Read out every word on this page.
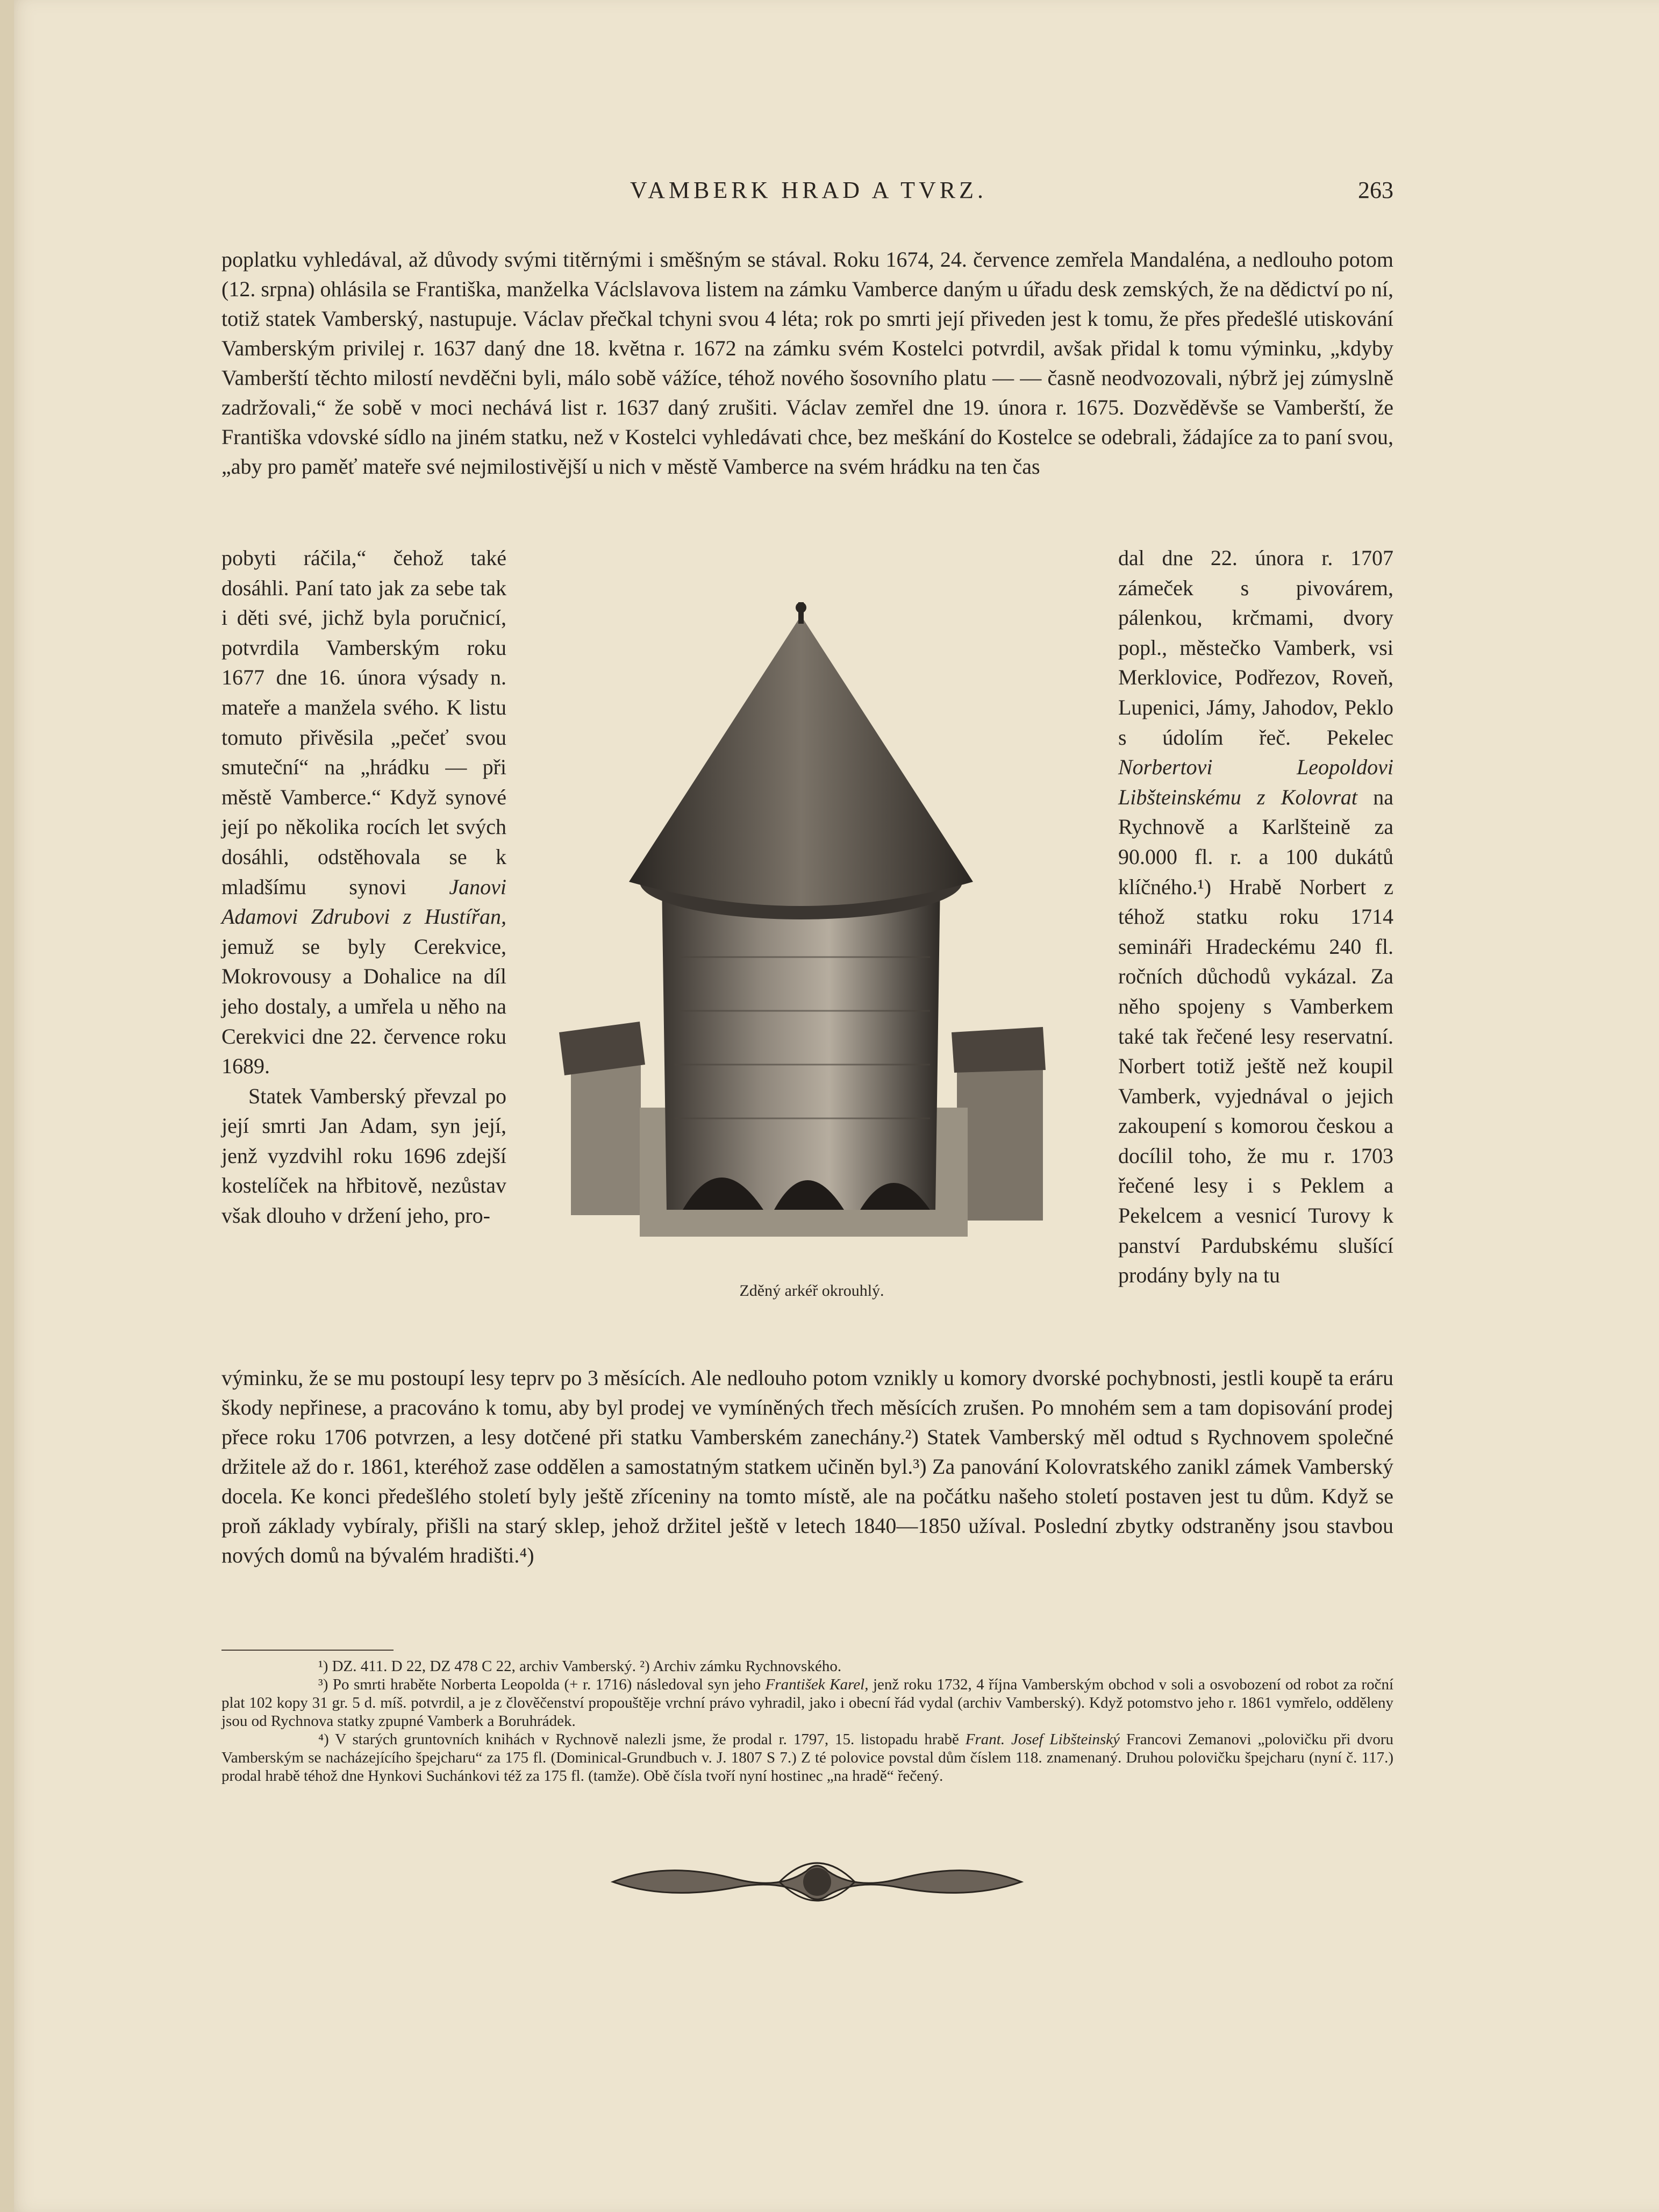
VAMBERK HRAD A TVRZ.	263
poplatku vyhledával, až důvody svými titěrnými i směšným se stával. Roku 1674, 24. července zemřela Mandaléna, a nedlouho potom (12. srpna) ohlásila se Františka, manželka Václslavova listem na zámku Vamberce daným u úřadu desk zemských, že na dědictví po ní, totiž statek Vamberský, nastupuje. Václav přečkal tchyni svou 4 léta; rok po smrti její přiveden jest k tomu, že přes předešlé utiskování Vamberským privilej r. 1637 daný dne 18. května r. 1672 na zámku svém Kostelci potvrdil, avšak přidal k tomu výminku, „kdyby Vamberští těchto milostí nevděčni byli, málo sobě vážíce, téhož nového šosovního platu — — časně neodvozovali, nýbrž jej zúmyslně zadržovali,“ že sobě v moci nechává list r. 1637 daný zrušiti. Václav zemřel dne 19. února r. 1675. Dozvěděvše se Vamberští, že Františka vdovské sídlo na jiném statku, než v Kostelci vyhledávati chce, bez meškání do Kostelce se odebrali, žádajíce za to paní svou, „aby pro paměť mateře své nejmilostivější u nich v městě Vamberce na svém hrádku na ten čas

pobyti ráčila,“ čehož také dosáhli. Paní tato jak za sebe tak i děti své, jichž byla poručnicí, potvrdila Vamberským roku 1677 dne 16. února výsady n. mateře a manžela svého. K listu tomuto přivěsila „pečeť svou smuteční“ na „hrádku — při městě Vamberce.“ Když synové její po několika rocích let svých dosáhli, odstěhovala se k mladšímu synovi Janovi Adamovi Zdrubovi z Hustířan, jemuž se byly Cerekvice, Mokrovousy a Dohalice na díl jeho dostaly, a umřela u něho na Cerekvici dne 22. července roku 1689.

Statek Vamberský převzal po její smrti Jan Adam, syn její, jenž vyzdvihl roku 1696 zdejší kostelíček na hřbitově, nezůstav však dlouho v držení jeho, pro-

Zděný arkéř okrouhlý.

dal dne 22. února r. 1707 zámeček s pivovárem, pálenkou, krčmami, dvory popl., městečko Vamberk, vsi Merklovice, Podřezov, Roveň, Lupenici, Jámy, Jahodov, Peklo s údolím řeč. Pekelec Norbertovi Leopoldovi Libšteinskému z Kolovrat na Rychnově a Karlšteině za 90.000 fl. r. a 100 dukátů klíčného.¹) Hrabě Norbert z téhož statku roku 1714 semináři Hradeckému 240 fl. ročních důchodů vykázal. Za něho spojeny s Vamberkem také tak řečené lesy reservatní. Norbert totiž ještě než koupil Vamberk, vyjednával o jejich zakoupení s komorou českou a docílil toho, že mu r. 1703 řečené lesy i s Peklem a Pekelcem a vesnicí Turovy k panství Pardubskému slušící prodány byly na tu

výminku, že se mu postoupí lesy teprv po 3 měsících. Ale nedlouho potom vznikly u komory dvorské pochybnosti, jestli koupě ta eráru škody nepřinese, a pracováno k tomu, aby byl prodej ve vymíněných třech měsících zrušen. Po mnohém sem a tam dopisování prodej přece roku 1706 potvrzen, a lesy dotčené při statku Vamberském zanechány.²) Statek Vamberský měl odtud s Rychnovem společné držitele až do r. 1861, kteréhož zase oddělen a samostatným statkem učiněn byl.³) Za panování Kolovratského zanikl zámek Vamberský docela. Ke konci předešlého století byly ještě zříceniny na tomto místě, ale na počátku našeho století postaven jest tu dům. Když se proň základy vybíraly, přišli na starý sklep, jehož držitel ještě v letech 1840—1850 užíval. Poslední zbytky odstraněny jsou stavbou nových domů na bývalém hradišti.⁴)

¹) DZ. 411. D 22, DZ 478 C 22, archiv Vamberský. ²) Archiv zámku Rychnovského.

³) Po smrti hraběte Norberta Leopolda (+ r. 1716) následoval syn jeho František Karel, jenž roku 1732, 4 října Vamberským obchod v soli a osvobození od robot za roční plat 102 kopy 31 gr. 5 d. míš. potvrdil, a je z člověčenství propouštěje vrchní právo vyhradil, jako i obecní řád vydal (archiv Vamberský). Když potomstvo jeho r. 1861 vymřelo, odděleny jsou od Rychnova statky zpupné Vamberk a Boruhrádek.

⁴) V starých gruntovních knihách v Rychnově nalezli jsme, že prodal r. 1797, 15. listopadu hrabě Frant. Josef Libšteinský Francovi Zemanovi „polovičku při dvoru Vamberským se nacházejícího špejcharu“ za 175 fl. (Dominical-Grundbuch v. J. 1807 S 7.) Z té polovice povstal dům číslem 118. znamenaný. Druhou polovičku špejcharu (nyní č. 117.) prodal hrabě téhož dne Hynkovi Suchánkovi též za 175 fl. (tamže). Obě čísla tvoří nyní hostinec „na hradě“ řečený.
